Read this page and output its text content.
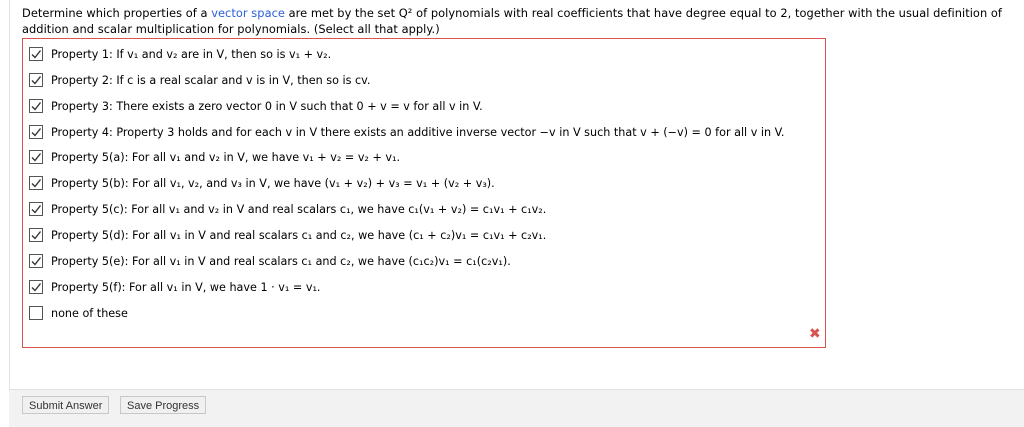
Determine which properties of a vector space are met by the set Q² of polynomials with real coefficients that have degree equal to 2, together with the usual definition of addition and scalar multiplication for polynomials. (Select all that apply.)
Property 1: If v₁ and v₂ are in V, then so is v₁ + v₂.
Property 2: If c is a real scalar and v is in V, then so is cv.
Property 3: There exists a zero vector 0 in V such that 0 + v = v for all v in V.
Property 4: Property 3 holds and for each v in V there exists an additive inverse vector −v in V such that v + (−v) = 0 for all v in V.
Property 5(a): For all v₁ and v₂ in V, we have v₁ + v₂ = v₂ + v₁.
Property 5(b): For all v₁, v₂, and v₃ in V, we have (v₁ + v₂) + v₃ = v₁ + (v₂ + v₃).
Property 5(c): For all v₁ and v₂ in V and real scalars c₁, we have c₁(v₁ + v₂) = c₁v₁ + c₁v₂.
Property 5(d): For all v₁ in V and real scalars c₁ and c₂, we have (c₁ + c₂)v₁ = c₁v₁ + c₂v₁.
Property 5(e): For all v₁ in V and real scalars c₁ and c₂, we have (c₁c₂)v₁ = c₁(c₂v₁).
Property 5(f): For all v₁ in V, we have 1 · v₁ = v₁.
none of these
✖
Submit Answer	Save Progress
